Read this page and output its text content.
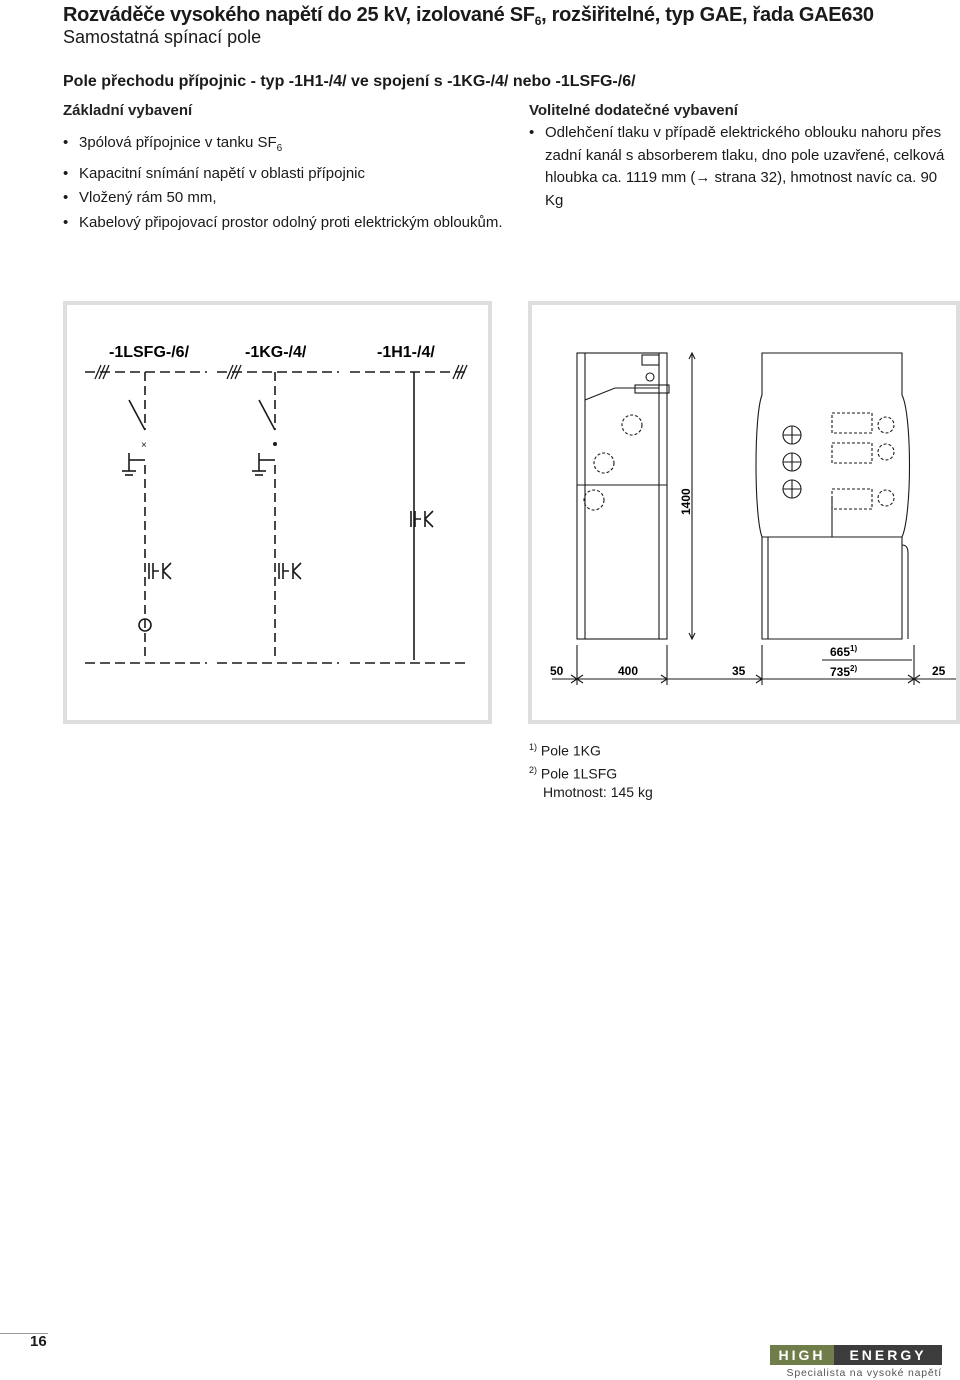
Rozváděče vysokého napětí do 25 kV, izolované $SF_6$, rozšiřitelné, typ GAE, řada GAE630
Samostatná spínací pole
Pole přechodu přípojnic - typ -1H1-/4/ ve spojení s -1KG-/4/ nebo -1LSFG-/6/
Základní vybavení
• 3pólová přípojnice v tanku $SF_6$
• Kapacitní snímání napětí v oblasti přípojnic
• Vložený rám 50 mm,
• Kabelový připojovací prostor odolný proti elektrickým obloukům.
Volitelné dodatečné vybavení
• Odlehčení tlaku v případě elektrického oblouku nahoru přes
zadní kanál s absorberem tlaku, dno pole uzavřené, celková
hloubka ca. 1119 mm (→ strana 32), hmotnost navíc ca. 90 Kg
×
-1LSFG-/6/	-1KG-/4/	-1H1-/4/
1400
50	400	35
665$^{1)}$
735$^{2)}$	25
$^{1)}$ Pole 1KG
$^{2)}$ Pole 1LSFG
Hmotnost: 145 kg
16
HIGH	ENERGY
Specialista na vysoké napětí
